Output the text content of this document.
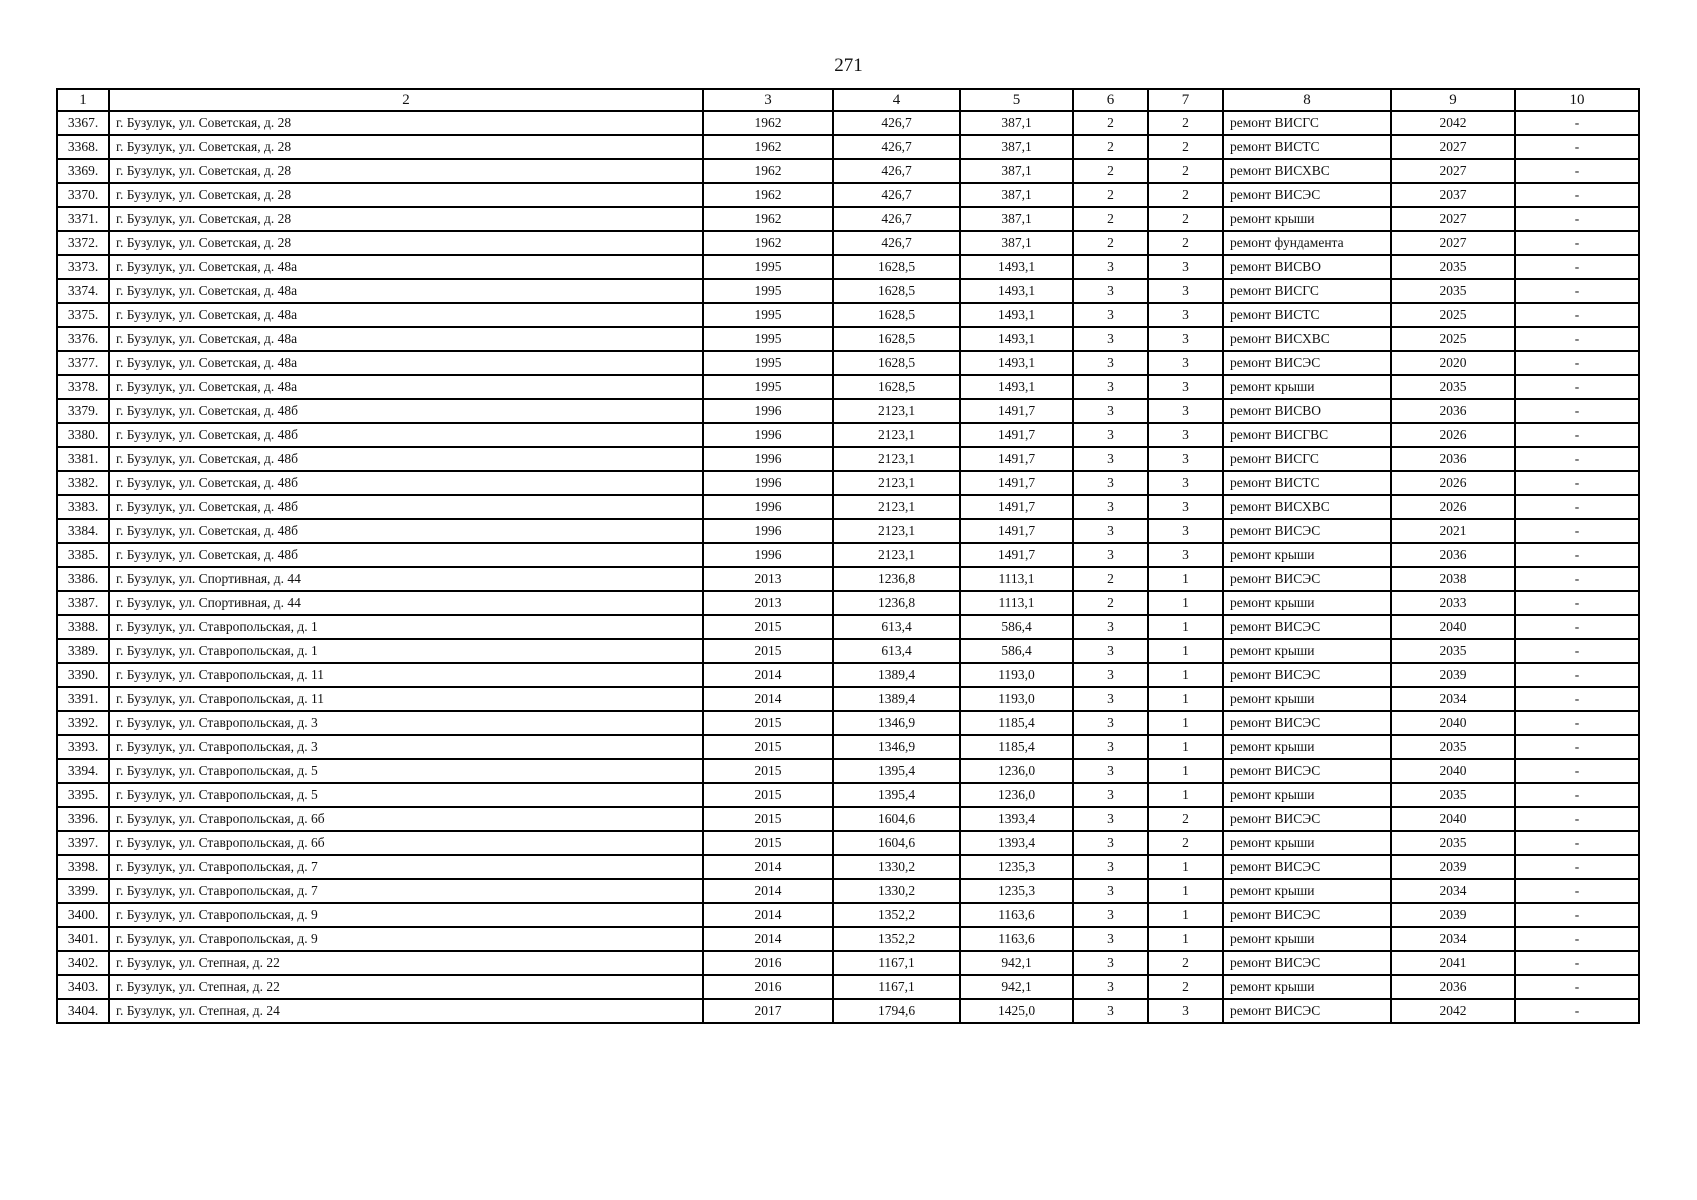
271
1	2	3	4	5	6	7	8	9	10
3367.	г. Бузулук, ул. Советская, д. 28	1962	426,7	387,1	2	2	ремонт ВИСГС	2042	-
3368.	г. Бузулук, ул. Советская, д. 28	1962	426,7	387,1	2	2	ремонт ВИСТС	2027	-
3369.	г. Бузулук, ул. Советская, д. 28	1962	426,7	387,1	2	2	ремонт ВИСХВС	2027	-
3370.	г. Бузулук, ул. Советская, д. 28	1962	426,7	387,1	2	2	ремонт ВИСЭС	2037	-
3371.	г. Бузулук, ул. Советская, д. 28	1962	426,7	387,1	2	2	ремонт крыши	2027	-
3372.	г. Бузулук, ул. Советская, д. 28	1962	426,7	387,1	2	2	ремонт фундамента	2027	-
3373.	г. Бузулук, ул. Советская, д. 48а	1995	1628,5	1493,1	3	3	ремонт ВИСВО	2035	-
3374.	г. Бузулук, ул. Советская, д. 48а	1995	1628,5	1493,1	3	3	ремонт ВИСГС	2035	-
3375.	г. Бузулук, ул. Советская, д. 48а	1995	1628,5	1493,1	3	3	ремонт ВИСТС	2025	-
3376.	г. Бузулук, ул. Советская, д. 48а	1995	1628,5	1493,1	3	3	ремонт ВИСХВС	2025	-
3377.	г. Бузулук, ул. Советская, д. 48а	1995	1628,5	1493,1	3	3	ремонт ВИСЭС	2020	-
3378.	г. Бузулук, ул. Советская, д. 48а	1995	1628,5	1493,1	3	3	ремонт крыши	2035	-
3379.	г. Бузулук, ул. Советская, д. 48б	1996	2123,1	1491,7	3	3	ремонт ВИСВО	2036	-
3380.	г. Бузулук, ул. Советская, д. 48б	1996	2123,1	1491,7	3	3	ремонт ВИСГВС	2026	-
3381.	г. Бузулук, ул. Советская, д. 48б	1996	2123,1	1491,7	3	3	ремонт ВИСГС	2036	-
3382.	г. Бузулук, ул. Советская, д. 48б	1996	2123,1	1491,7	3	3	ремонт ВИСТС	2026	-
3383.	г. Бузулук, ул. Советская, д. 48б	1996	2123,1	1491,7	3	3	ремонт ВИСХВС	2026	-
3384.	г. Бузулук, ул. Советская, д. 48б	1996	2123,1	1491,7	3	3	ремонт ВИСЭС	2021	-
3385.	г. Бузулук, ул. Советская, д. 48б	1996	2123,1	1491,7	3	3	ремонт крыши	2036	-
3386.	г. Бузулук, ул. Спортивная, д. 44	2013	1236,8	1113,1	2	1	ремонт ВИСЭС	2038	-
3387.	г. Бузулук, ул. Спортивная, д. 44	2013	1236,8	1113,1	2	1	ремонт крыши	2033	-
3388.	г. Бузулук, ул. Ставропольская, д. 1	2015	613,4	586,4	3	1	ремонт ВИСЭС	2040	-
3389.	г. Бузулук, ул. Ставропольская, д. 1	2015	613,4	586,4	3	1	ремонт крыши	2035	-
3390.	г. Бузулук, ул. Ставропольская, д. 11	2014	1389,4	1193,0	3	1	ремонт ВИСЭС	2039	-
3391.	г. Бузулук, ул. Ставропольская, д. 11	2014	1389,4	1193,0	3	1	ремонт крыши	2034	-
3392.	г. Бузулук, ул. Ставропольская, д. 3	2015	1346,9	1185,4	3	1	ремонт ВИСЭС	2040	-
3393.	г. Бузулук, ул. Ставропольская, д. 3	2015	1346,9	1185,4	3	1	ремонт крыши	2035	-
3394.	г. Бузулук, ул. Ставропольская, д. 5	2015	1395,4	1236,0	3	1	ремонт ВИСЭС	2040	-
3395.	г. Бузулук, ул. Ставропольская, д. 5	2015	1395,4	1236,0	3	1	ремонт крыши	2035	-
3396.	г. Бузулук, ул. Ставропольская, д. 6б	2015	1604,6	1393,4	3	2	ремонт ВИСЭС	2040	-
3397.	г. Бузулук, ул. Ставропольская, д. 6б	2015	1604,6	1393,4	3	2	ремонт крыши	2035	-
3398.	г. Бузулук, ул. Ставропольская, д. 7	2014	1330,2	1235,3	3	1	ремонт ВИСЭС	2039	-
3399.	г. Бузулук, ул. Ставропольская, д. 7	2014	1330,2	1235,3	3	1	ремонт крыши	2034	-
3400.	г. Бузулук, ул. Ставропольская, д. 9	2014	1352,2	1163,6	3	1	ремонт ВИСЭС	2039	-
3401.	г. Бузулук, ул. Ставропольская, д. 9	2014	1352,2	1163,6	3	1	ремонт крыши	2034	-
3402.	г. Бузулук, ул. Степная, д. 22	2016	1167,1	942,1	3	2	ремонт ВИСЭС	2041	-
3403.	г. Бузулук, ул. Степная, д. 22	2016	1167,1	942,1	3	2	ремонт крыши	2036	-
3404.	г. Бузулук, ул. Степная, д. 24	2017	1794,6	1425,0	3	3	ремонт ВИСЭС	2042	-
